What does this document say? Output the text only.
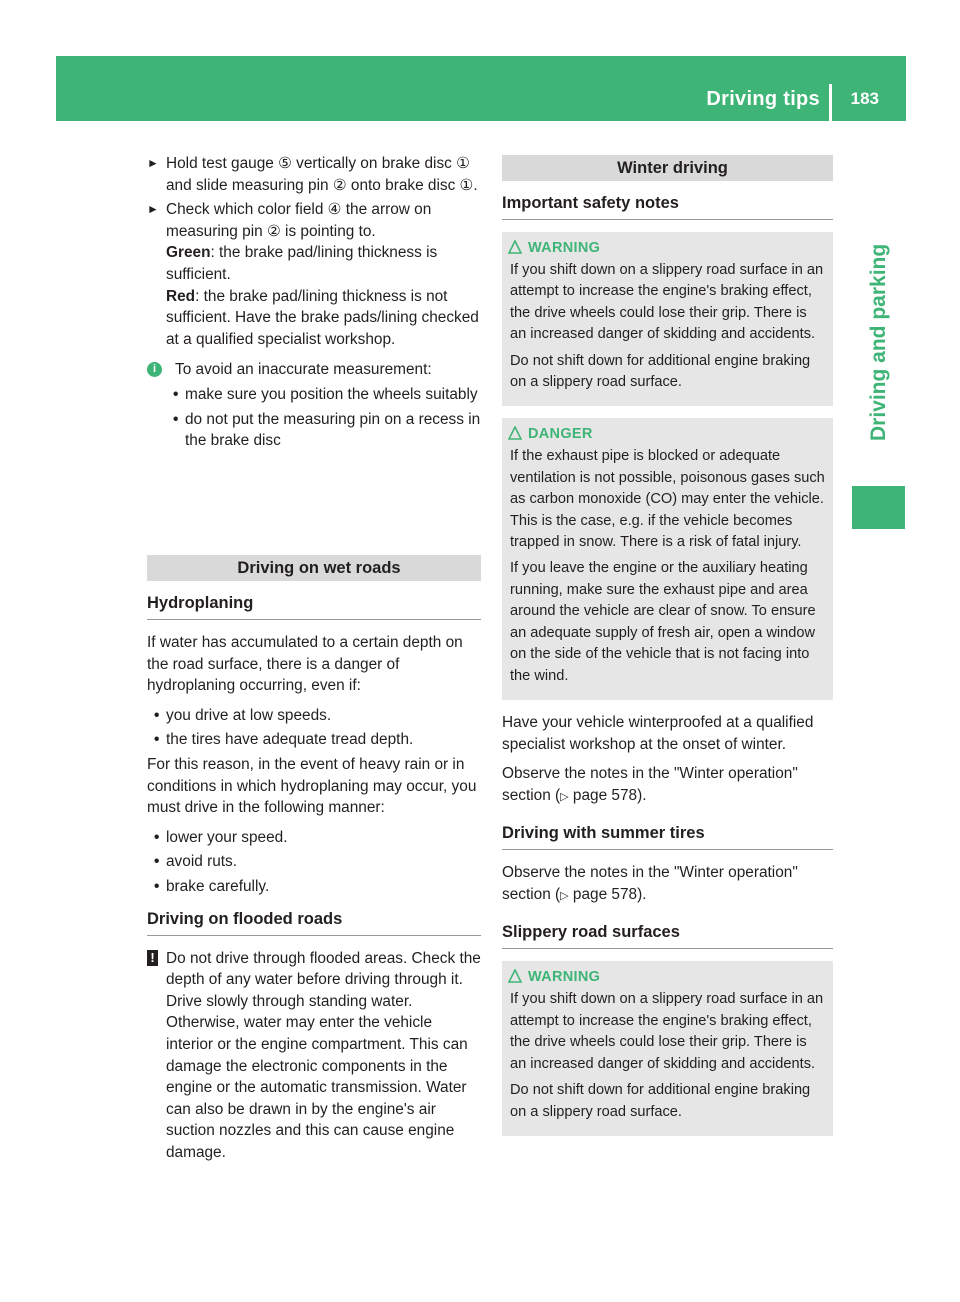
Driving tips 183
Driving and parking
► Hold test gauge ⑤ vertically on brake disc ① and slide measuring pin ② onto brake disc ①.
► Check which color field ④ the arrow on measuring pin ② is pointing to.

Green: the brake pad/lining thickness is sufficient.

Red: the brake pad/lining thickness is not sufficient. Have the brake pads/lining checked at a qualified specialist workshop.

i	To avoid an inaccurate measurement:

• make sure you position the wheels suitably
• do not put the measuring pin on a recess in the brake disc
Driving on wet roads
Hydroplaning

If water has accumulated to a certain depth on the road surface, there is a danger of hydroplaning occurring, even if:

• you drive at low speeds.
• the tires have adequate tread depth.

For this reason, in the event of heavy rain or in conditions in which hydroplaning may occur, you must drive in the following manner:

• lower your speed.
• avoid ruts.
• brake carefully.
Driving on flooded roads
! Do not drive through flooded areas. Check the depth of any water before driving through it. Drive slowly through standing water. Otherwise, water may enter the vehicle interior or the engine compartment. This can damage the electronic components in the engine or the automatic transmission. Water can also be drawn in by the engine's air suction nozzles and this can cause engine damage.

Winter driving
Important safety notes
WARNING

If you shift down on a slippery road surface in an attempt to increase the engine's braking effect, the drive wheels could lose their grip. There is an increased danger of skidding and accidents.

Do not shift down for additional engine braking on a slippery road surface.

DANGER

If the exhaust pipe is blocked or adequate ventilation is not possible, poisonous gases such as carbon monoxide (CO) may enter the vehicle. This is the case, e.g. if the vehicle becomes trapped in snow. There is a risk of fatal injury.

If you leave the engine or the auxiliary heating running, make sure the exhaust pipe and area around the vehicle are clear of snow. To ensure an adequate supply of fresh air, open a window on the side of the vehicle that is not facing into the wind.

Have your vehicle winterproofed at a qualified specialist workshop at the onset of winter.

Observe the notes in the "Winter operation" section (▷ page 578).

Driving with summer tires

Observe the notes in the "Winter operation" section (▷ page 578).

Slippery road surfaces
WARNING

If you shift down on a slippery road surface in an attempt to increase the engine's braking effect, the drive wheels could lose their grip. There is an increased danger of skidding and accidents.

Do not shift down for additional engine braking on a slippery road surface.
